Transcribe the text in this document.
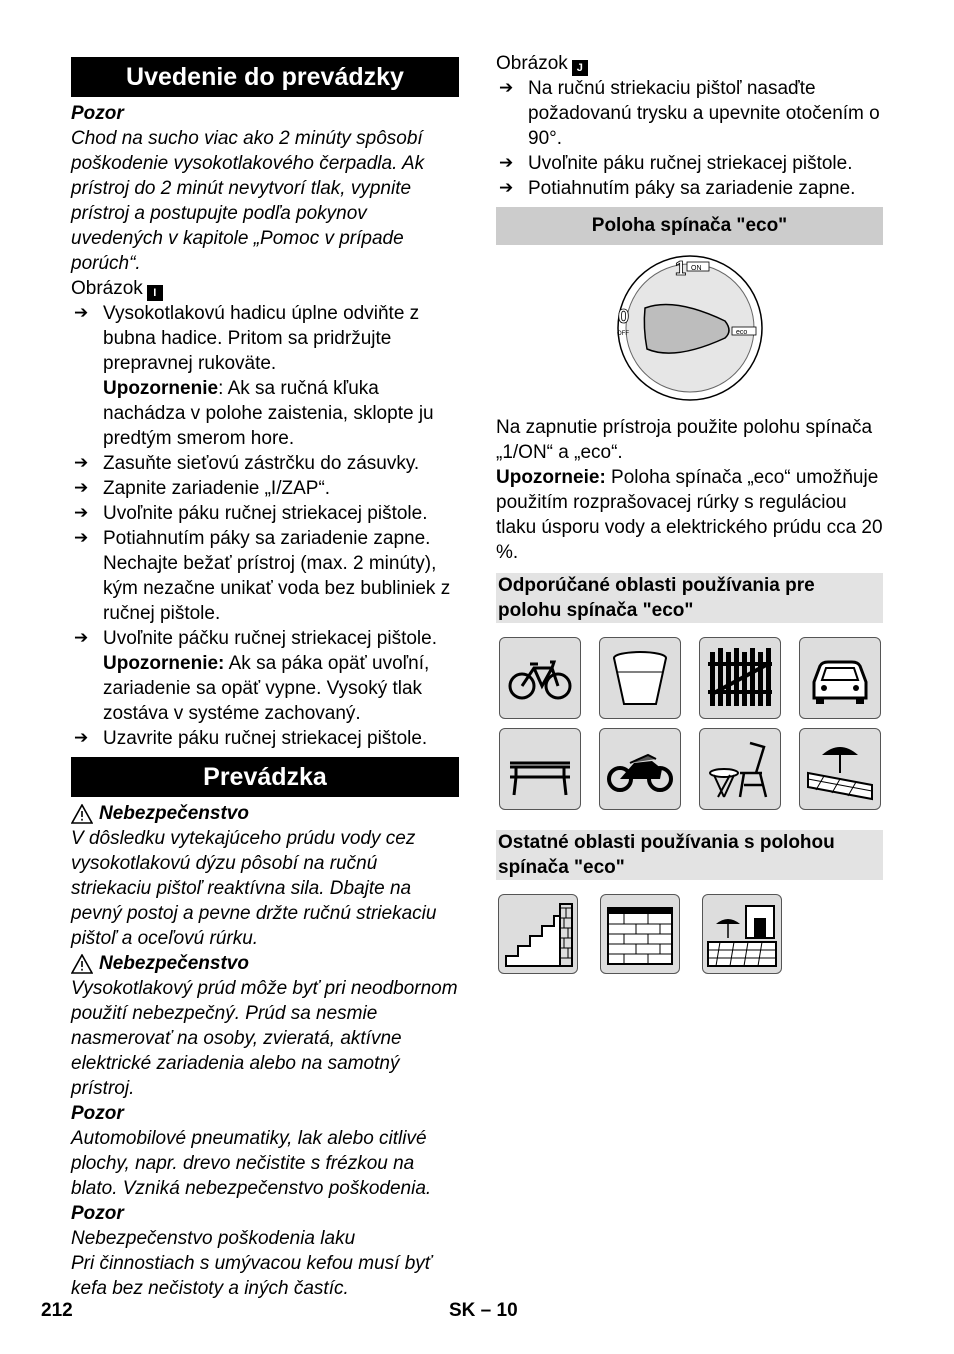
Uvedenie do prevádzky

Pozor

Chod na sucho viac ako 2 minúty spôsobí poškodenie vysokotlakového čerpadla. Ak prístroj do 2 minút nevytvorí tlak, vypnite prístroj a postupujte podľa pokynov uvedených v kapitole „Pomoc v prípade porúch“.

Obrázok I

➔ Vysokotlakovú hadicu úplne odviňte z bubna hadice. Pritom sa pridržujte prepravnej rukoväte.
Upozornenie: Ak sa ručná kľuka nachádza v polohe zaistenia, sklopte ju predtým smerom hore.
➔ Zasuňte sieťovú zástrčku do zásuvky.
➔ Zapnite zariadenie „I/ZAP“.
➔ Uvoľnite páku ručnej striekacej pištole.
➔ Potiahnutím páky sa zariadenie zapne. Nechajte bežať prístroj (max. 2 minúty), kým nezačne unikať voda bez bubliniek z ručnej pištole.
➔ Uvoľnite páčku ručnej striekacej pištole.
Upozornenie: Ak sa páka opäť uvoľní, zariadenie sa opäť vypne. Vysoký tlak zostáva v systéme zachovaný.
➔ Uzavrite páku ručnej striekacej pištole.
Prevádzka
Nebezpečenstvo

V dôsledku vytekajúceho prúdu vody cez vysokotlakovú dýzu pôsobí na ručnú striekaciu pištoľ reaktívna sila. Dbajte na pevný postoj a pevne držte ručnú striekaciu pištoľ a oceľovú rúrku.

Nebezpečenstvo

Vysokotlakový prúd môže byť pri neodbornom použití nebezpečný. Prúd sa nesmie nasmerovať na osoby, zvieratá, aktívne elektrické zariadenia alebo na samotný prístroj.

Pozor

Automobilové pneumatiky, lak alebo citlivé plochy, napr. drevo nečistite s frézkou na blato. Vzniká nebezpečenstvo poškodenia.

Pozor

Nebezpečenstvo poškodenia laku

Pri činnostiach s umývacou kefou musí byť kefa bez nečistoty a iných častíc.

Obrázok J

➔ Na ručnú striekaciu pištoľ nasaďte požadovanú trysku a upevnite otočením o 90°.
➔ Uvoľnite páku ručnej striekacej pištole.
➔ Potiahnutím páky sa zariadenie zapne.
Poloha spínača "eco"
1 ON
0
OFF	eco

Na zapnutie prístroja použite polohu spínača „1/ON“ a „eco“.

Upozorneie: Poloha spínača „eco“ umožňuje použitím rozprašovacej rúrky s reguláciou tlaku úsporu vody a elektrického prúdu cca 20 %.

Odporúčané oblasti používania pre polohu spínača "eco"
Ostatné oblasti používania s polohou spínača "eco"
212	SK – 10
